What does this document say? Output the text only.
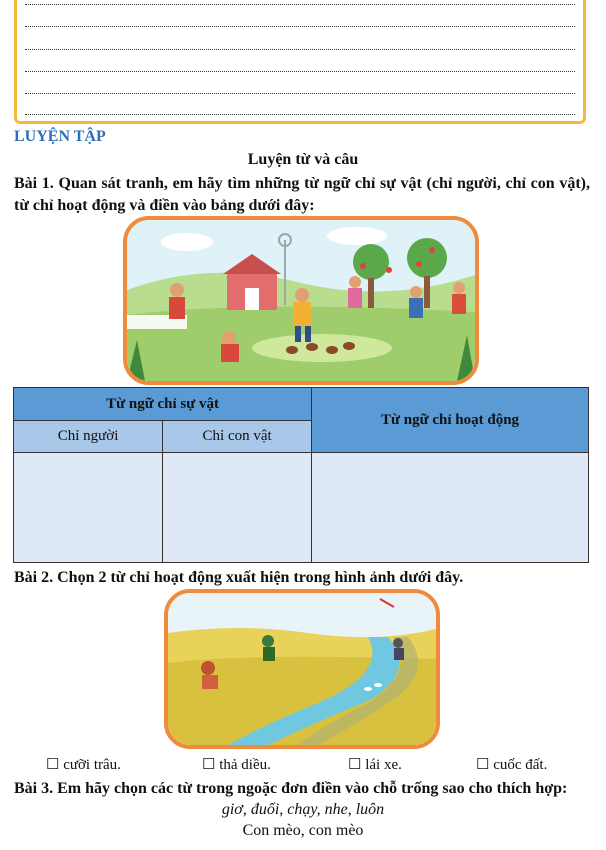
LUYỆN TẬP
Luyện từ và câu
Bài 1. Quan sát tranh, em hãy tìm những từ ngữ chỉ sự vật (chỉ người, chỉ con vật), từ chỉ hoạt động và điền vào bảng dưới đây:
Từ ngữ chỉ sự vật		Từ ngữ chỉ hoạt động
Chỉ người	Chỉ con vật	

Bài 2. Chọn 2 từ chỉ hoạt động xuất hiện trong hình ảnh dưới đây.
☐ cưỡi trâu.	☐ thả diều.	☐ lái xe.	☐ cuốc đất.
Bài 3. Em hãy chọn các từ trong ngoặc đơn điền vào chỗ trống sao cho thích hợp:
giơ, đuổi, chạy, nhe, luôn
Con mèo, con mèo
